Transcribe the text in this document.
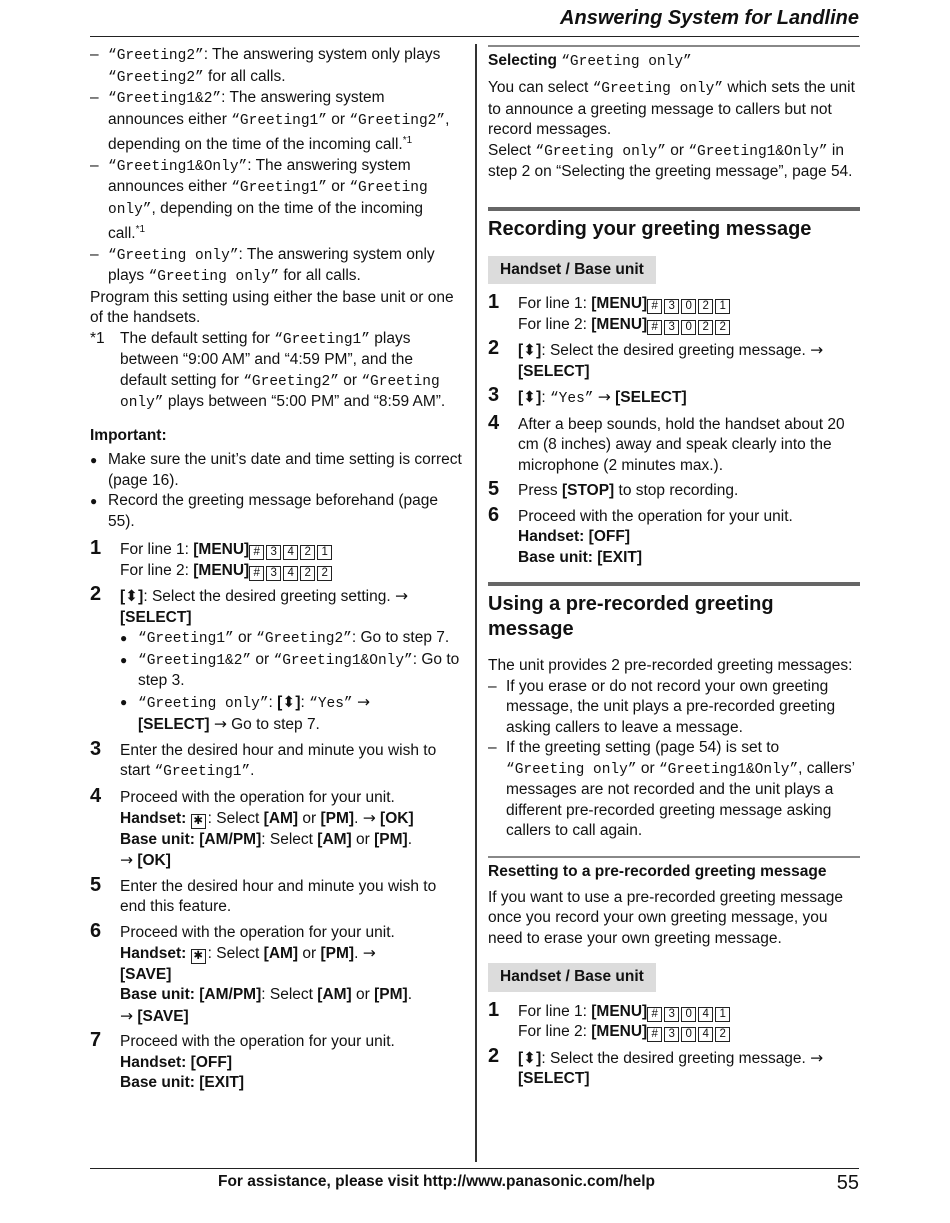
Answering System for Landline

– “Greeting2”: The answering system only plays “Greeting2” for all calls.

– “Greeting1&2”: The answering system announces either “Greeting1” or “Greeting2”, depending on the time of the incoming call.$^{*1}$

– “Greeting1&Only”: The answering system announces either “Greeting1” or “Greeting only”, depending on the time of the incoming call.$^{*1}$

– “Greeting only”: The answering system only plays “Greeting only” for all calls.

Program this setting using either the base unit or one of the handsets.

*1 The default setting for “Greeting1” plays between “9:00 AM” and “4:59 PM”, and the default setting for “Greeting2” or “Greeting only” plays between “5:00 PM” and “8:59 AM”.

Important:

● Make sure the unit’s date and time setting is correct (page 16).

● Record the greeting message beforehand (page 55).

1 For line 1: [MENU] # 3 4 2 1

For line 2: [MENU] # 3 4 2 2

2 [⬍]: Select the desired greeting setting. →
[SELECT]

● “Greeting1” or “Greeting2”: Go to step 7.

● “Greeting1&2” or “Greeting1&Only”: Go to step 3.

● “Greeting only”: [⬍]: “Yes” →
[SELECT] → Go to step 7.

3 Enter the desired hour and minute you wish to start “Greeting1”.

4 Proceed with the operation for your unit.

Handset: ✱ : Select [AM] or [PM]. → [OK]

Base unit: [AM/PM]: Select [AM] or [PM].
→ [OK]

5 Enter the desired hour and minute you wish to end this feature.

6 Proceed with the operation for your unit.

Handset: ✱ : Select [AM] or [PM]. →
[SAVE]

Base unit: [AM/PM]: Select [AM] or [PM].
→ [SAVE]

7 Proceed with the operation for your unit.

Handset: [OFF]

Base unit: [EXIT]

Selecting “Greeting only”

You can select “Greeting only” which sets the unit to announce a greeting message to callers but not record messages.

Select “Greeting only” or “Greeting1&Only” in step 2 on “Selecting the greeting message”, page 54.

Recording your greeting message
Handset / Base unit
1 For line 1: [MENU] # 3 0 2 1

For line 2: [MENU] # 3 0 2 2

2 [⬍]: Select the desired greeting message. →
[SELECT]

3 [⬍]: “Yes” → [SELECT]

4 After a beep sounds, hold the handset about 20 cm (8 inches) away and speak clearly into the microphone (2 minutes max.).

5 Press [STOP] to stop recording.

6 Proceed with the operation for your unit.

Handset: [OFF]

Base unit: [EXIT]

Using a pre-recorded greeting message

The unit provides 2 pre-recorded greeting messages:

– If you erase or do not record your own greeting message, the unit plays a pre-recorded greeting asking callers to leave a message.

– If the greeting setting (page 54) is set to “Greeting only” or “Greeting1&Only”, callers’ messages are not recorded and the unit plays a different pre-recorded greeting message asking callers to call again.

Resetting to a pre-recorded greeting message

If you want to use a pre-recorded greeting message once you record your own greeting message, you need to erase your own greeting message.

Handset / Base unit
1 For line 1: [MENU] # 3 0 4 1

For line 2: [MENU] # 3 0 4 2

2 [⬍]: Select the desired greeting message. →
[SELECT]

For assistance, please visit http://www.panasonic.com/help	55
